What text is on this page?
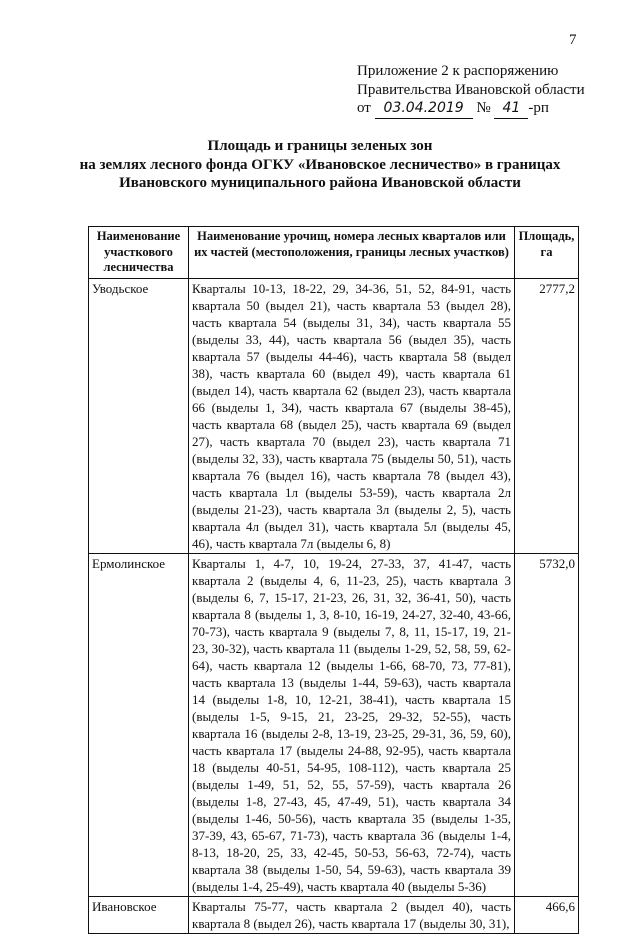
7
Приложение 2 к распоряжению
Правительства Ивановской области
от 03.04.2019 № 41 -рп
Площадь и границы зеленых зон
на землях лесного фонда ОГКУ «Ивановское лесничество» в границах
Ивановского муниципального района Ивановской области
Наименование участкового лесничества	Наименование урочищ, номера лесных кварталов или их частей (местоположения, границы лесных участков)	Площадь, га
Уводьское	Кварталы 10-13, 18-22, 29, 34-36, 51, 52, 84-91, часть квартала 50 (выдел 21), часть квартала 53 (выдел 28), часть квартала 54 (выделы 31, 34), часть квартала 55 (выделы 33, 44), часть квартала 56 (выдел 35), часть квартала 57 (выделы 44-46), часть квартала 58 (выдел 38), часть квартала 60 (выдел 49), часть квартала 61 (выдел 14), часть квартала 62 (выдел 23), часть квартала 66 (выделы 1, 34), часть квартала 67 (выделы 38-45), часть квартала 68 (выдел 25), часть квартала 69 (выдел 27), часть квартала 70 (выдел 23), часть квартала 71 (выделы 32, 33), часть квартала 75 (выделы 50, 51), часть квартала 76 (выдел 16), часть квартала 78 (выдел 43), часть квартала 1л (выделы 53-59), часть квартала 2л (выделы 21-23), часть квартала 3л (выделы 2, 5), часть квартала 4л (выдел 31), часть квартала 5л (выделы 45, 46), часть квартала 7л (выделы 6, 8)	2777,2
Ермолинское	Кварталы 1, 4-7, 10, 19-24, 27-33, 37, 41-47, часть квартала 2 (выделы 4, 6, 11-23, 25), часть квартала 3 (выделы 6, 7, 15-17, 21-23, 26, 31, 32, 36-41, 50), часть квартала 8 (выделы 1, 3, 8-10, 16-19, 24-27, 32-40, 43-66, 70-73), часть квартала 9 (выделы 7, 8, 11, 15-17, 19, 21-23, 30-32), часть квартала 11 (выделы 1-29, 52, 58, 59, 62-64), часть квартала 12 (выделы 1-66, 68-70, 73, 77-81), часть квартала 13 (выделы 1-44, 59-63), часть квартала 14 (выделы 1-8, 10, 12-21, 38-41), часть квартала 15 (выделы 1-5, 9-15, 21, 23-25, 29-32, 52-55), часть квартала 16 (выделы 2-8, 13-19, 23-25, 29-31, 36, 59, 60), часть квартала 17 (выделы 24-88, 92-95), часть квартала 18 (выделы 40-51, 54-95, 108-112), часть квартала 25 (выделы 1-49, 51, 52, 55, 57-59), часть квартала 26 (выделы 1-8, 27-43, 45, 47-49, 51), часть квартала 34 (выделы 1-46, 50-56), часть квартала 35 (выделы 1-35, 37-39, 43, 65-67, 71-73), часть квартала 36 (выделы 1-4, 8-13, 18-20, 25, 33, 42-45, 50-53, 56-63, 72-74), часть квартала 38 (выделы 1-50, 54, 59-63), часть квартала 39 (выделы 1-4, 25-49), часть квартала 40 (выделы 5-36)	5732,0
Ивановское	Кварталы 75-77, часть квартала 2 (выдел 40), часть квартала 8 (выдел 26), часть квартала 17 (выделы 30, 31),	466,6
